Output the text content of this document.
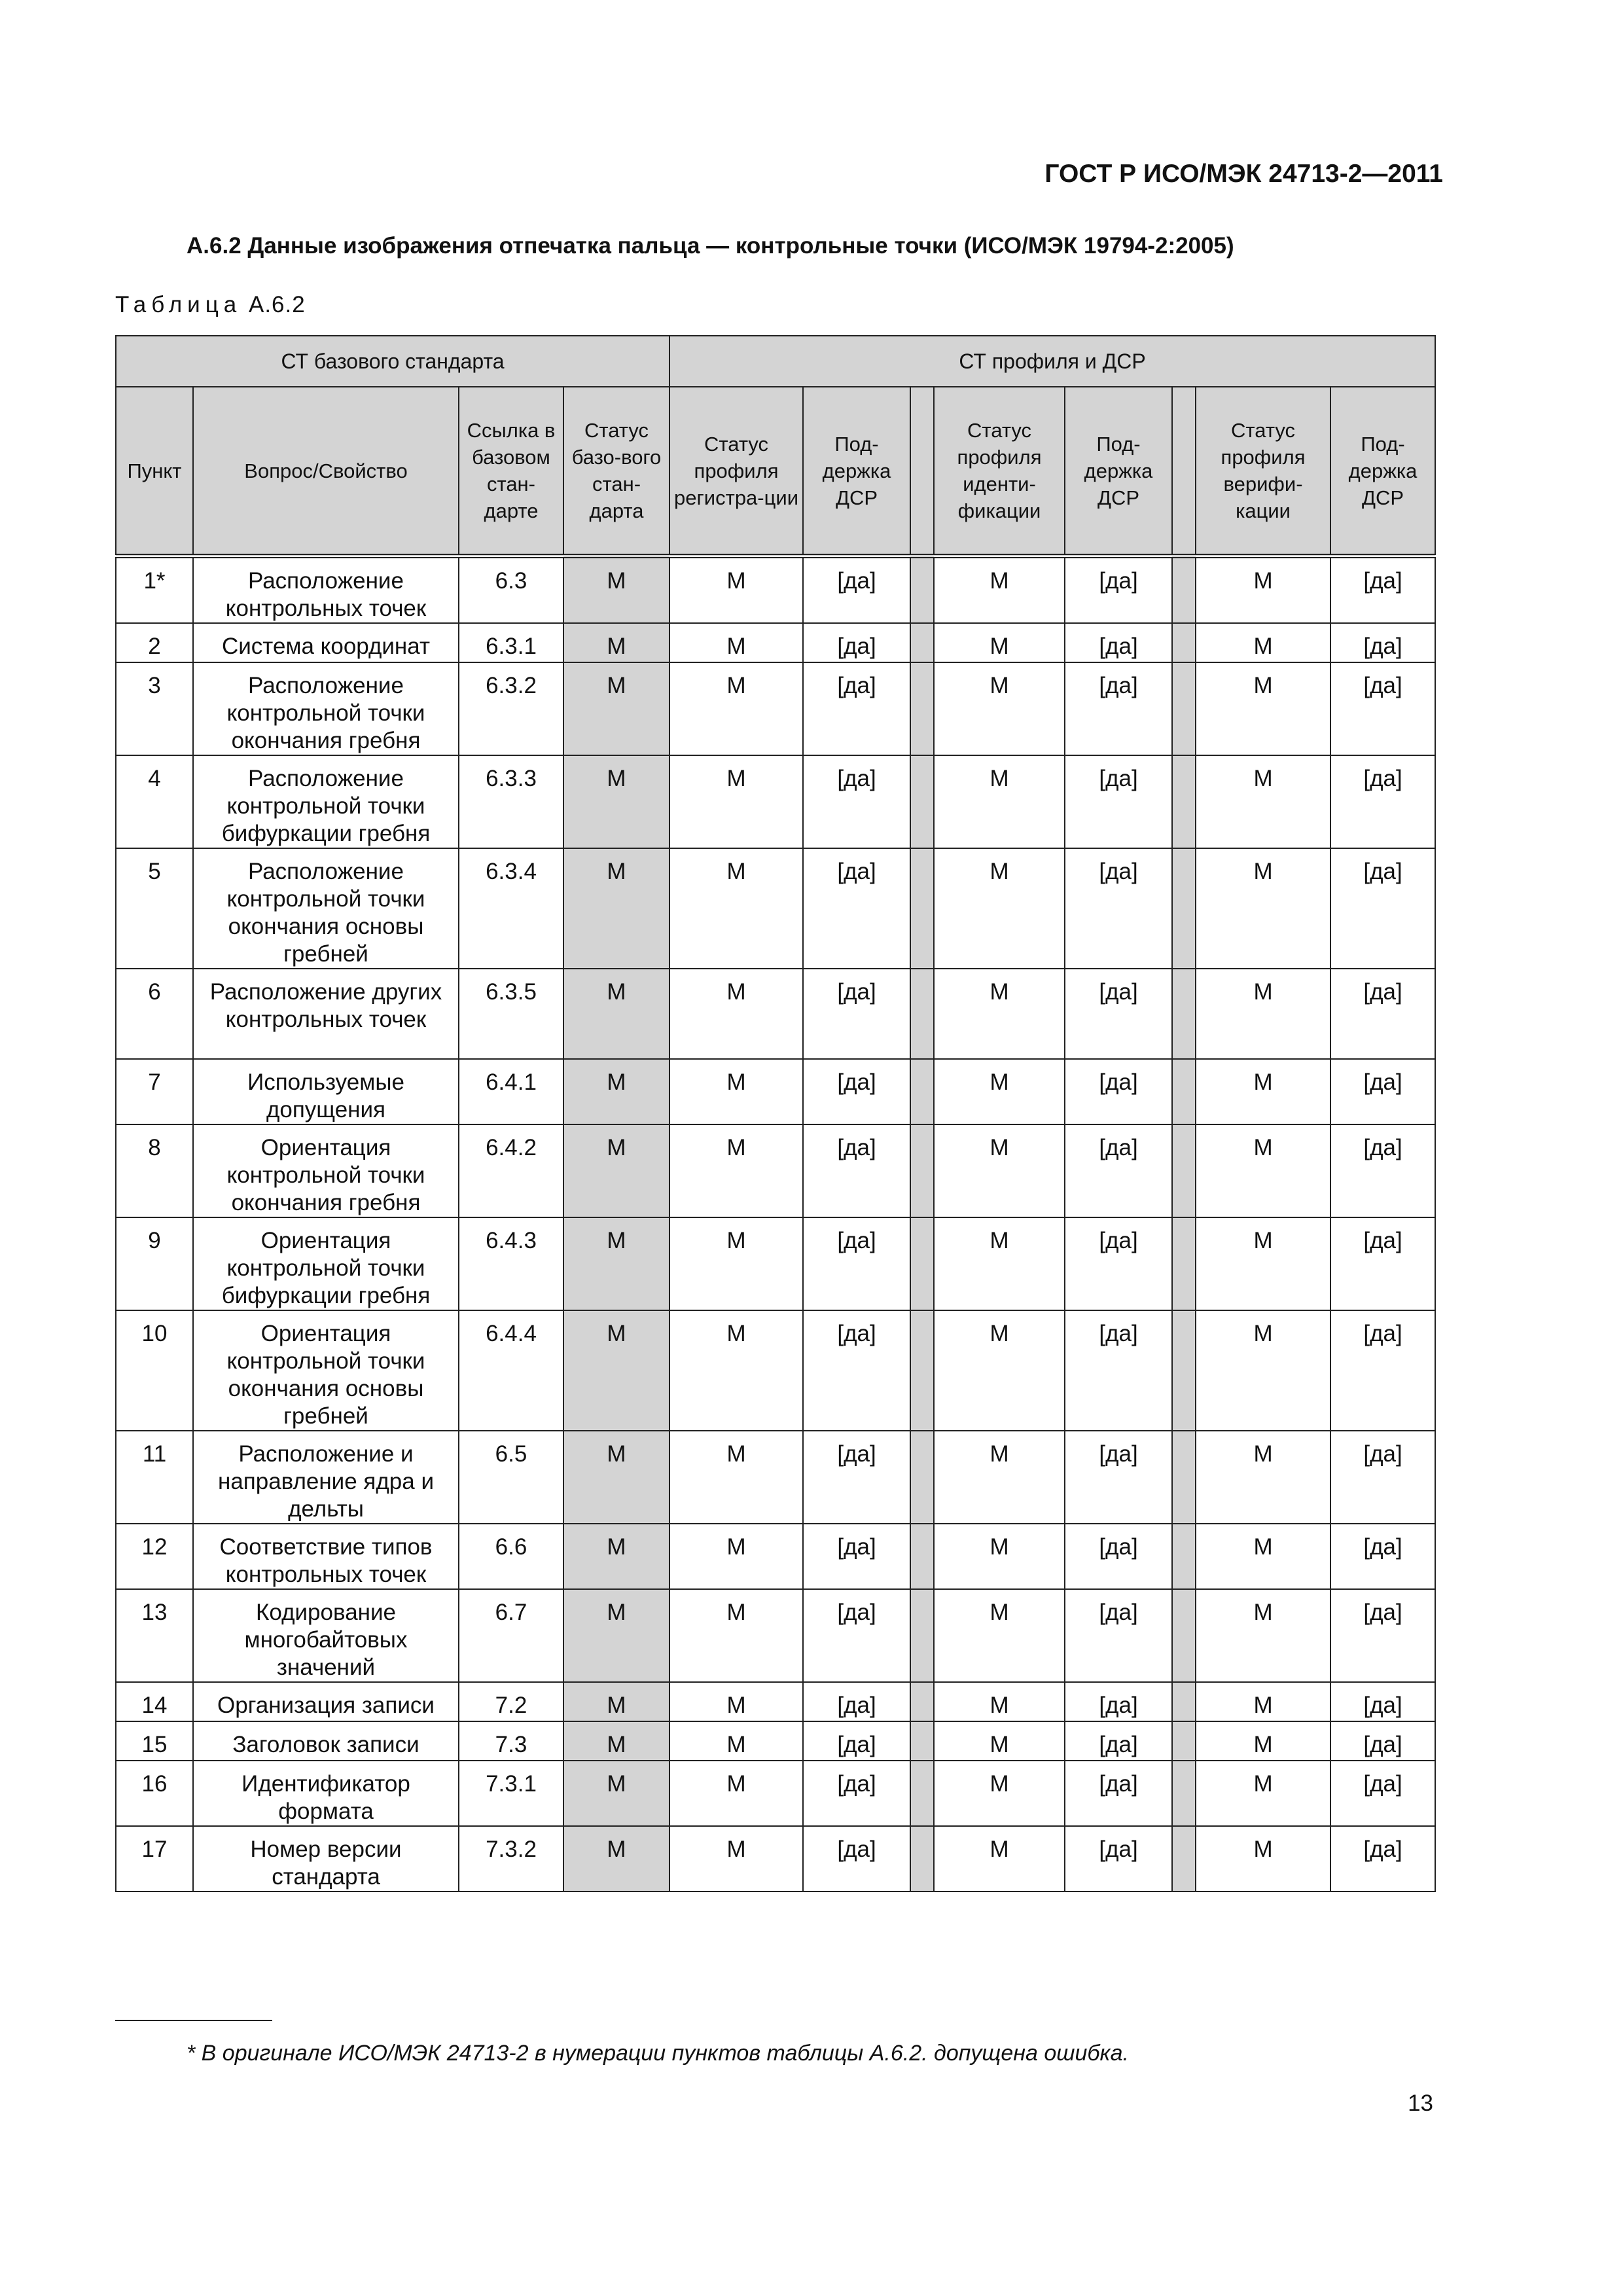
ГОСТ Р ИСО/МЭК 24713-2—2011
А.6.2 Данные изображения отпечатка пальца — контрольные точки (ИСО/МЭК 19794-2:2005)
Таблица А.6.2
СТ базового стандарта				СТ профиля и ДСР							
Пункт	Вопрос/Свойство	Ссылка в базовом стан-дарте	Статус базо-вого стан-дарта	Статус профиля регистра-ции	Под-держка ДСР		Статус профиля иденти-фикации	Под-держка ДСР		Статус профиля верифи-кации	Под-держка ДСР
1*	Расположение контрольных точек	6.3	M	M	[да]		M	[да]		M	[да]
2	Система координат	6.3.1	M	M	[да]		M	[да]		M	[да]
3	Расположение контрольной точки окончания гребня	6.3.2	M	M	[да]		M	[да]		M	[да]
4	Расположение контрольной точки бифуркации гребня	6.3.3	M	M	[да]		M	[да]		M	[да]
5	Расположение контрольной точки окончания основы гребней	6.3.4	M	M	[да]		M	[да]		M	[да]
6	Расположение других контрольных точек	6.3.5	M	M	[да]		M	[да]		M	[да]
7	Используемые допущения	6.4.1	M	M	[да]		M	[да]		M	[да]
8	Ориентация контрольной точки окончания гребня	6.4.2	M	M	[да]		M	[да]		M	[да]
9	Ориентация контрольной точки бифуркации гребня	6.4.3	M	M	[да]		M	[да]		M	[да]
10	Ориентация контрольной точки окончания основы гребней	6.4.4	M	M	[да]		M	[да]		M	[да]
11	Расположение и направление ядра и дельты	6.5	M	M	[да]		M	[да]		M	[да]
12	Соответствие типов контрольных точек	6.6	M	M	[да]		M	[да]		M	[да]
13	Кодирование многобайтовых значений	6.7	M	M	[да]		M	[да]		M	[да]
14	Организация записи	7.2	M	M	[да]		M	[да]		M	[да]
15	Заголовок записи	7.3	M	M	[да]		M	[да]		M	[да]
16	Идентификатор формата	7.3.1	M	M	[да]		M	[да]		M	[да]
17	Номер версии стандарта	7.3.2	M	M	[да]		M	[да]		M	[да]
* В оригинале ИСО/МЭК 24713-2 в нумерации пунктов таблицы А.6.2. допущена ошибка.
13
